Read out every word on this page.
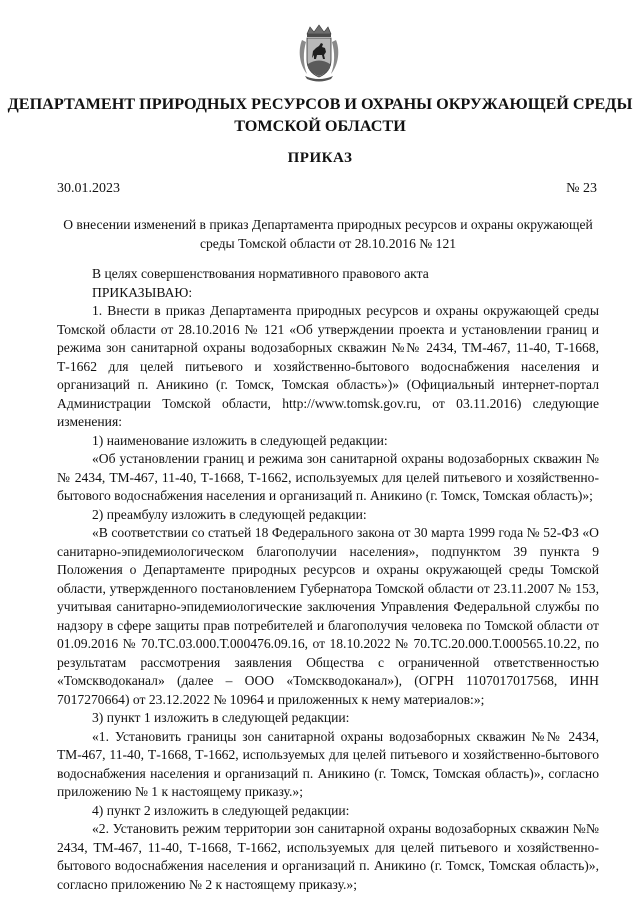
ДЕПАРТАМЕНТ ПРИРОДНЫХ РЕСУРСОВ И ОХРАНЫ ОКРУЖАЮЩЕЙ СРЕДЫ ТОМСКОЙ ОБЛАСТИ
ПРИКАЗ
30.01.2023	№ 23
О внесении изменений в приказ Департамента природных ресурсов и охраны окружающей среды Томской области от 28.10.2016 № 121

В целях совершенствования нормативного правового акта

ПРИКАЗЫВАЮ:

1. Внести в приказ Департамента природных ресурсов и охраны окружающей среды Томской области от 28.10.2016 № 121 «Об утверждении проекта и установлении границ и режима зон санитарной охраны водозаборных скважин №№ 2434, ТМ-467, 11-40, Т-1668, Т-1662 для целей питьевого и хозяйственно-бытового водоснабжения населения и организаций п. Аникино (г. Томск, Томская область»)» (Официальный интернет-портал Администрации Томской области, http://www.tomsk.gov.ru, от 03.11.2016) следующие изменения:

1) наименование изложить в следующей редакции:

«Об установлении границ и режима зон санитарной охраны водозаборных скважин №№ 2434, ТМ-467, 11-40, Т-1668, Т-1662, используемых для целей питьевого и хозяйственно-бытового водоснабжения населения и организаций п. Аникино (г. Томск, Томская область)»;

2) преамбулу изложить в следующей редакции:

«В соответствии со статьей 18 Федерального закона от 30 марта 1999 года № 52-ФЗ «О санитарно-эпидемиологическом благополучии населения», подпунктом 39 пункта 9 Положения о Департаменте природных ресурсов и охраны окружающей среды Томской области, утвержденного постановлением Губернатора Томской области от 23.11.2007 № 153, учитывая санитарно-эпидемиологические заключения Управления Федеральной службы по надзору в сфере защиты прав потребителей и благополучия человека по Томской области от 01.09.2016 № 70.ТС.03.000.Т.000476.09.16, от 18.10.2022 № 70.ТС.20.000.Т.000565.10.22, по результатам рассмотрения заявления Общества с ограниченной ответственностью «Томскводоканал» (далее – ООО «Томскводоканал»), (ОГРН 1107017017568, ИНН 7017270664) от 23.12.2022 № 10964 и приложенных к нему материалов:»;

3) пункт 1 изложить в следующей редакции:

«1. Установить границы зон санитарной охраны водозаборных скважин №№ 2434, ТМ-467, 11-40, Т-1668, Т-1662, используемых для целей питьевого и хозяйственно-бытового водоснабжения населения и организаций п. Аникино (г. Томск, Томская область)», согласно приложению № 1 к настоящему приказу.»;

4) пункт 2 изложить в следующей редакции:

«2. Установить режим территории зон санитарной охраны водозаборных скважин №№ 2434, ТМ-467, 11-40, Т-1668, Т-1662, используемых для целей питьевого и хозяйственно-бытового водоснабжения населения и организаций п. Аникино (г. Томск, Томская область)», согласно приложению № 2 к настоящему приказу.»;
